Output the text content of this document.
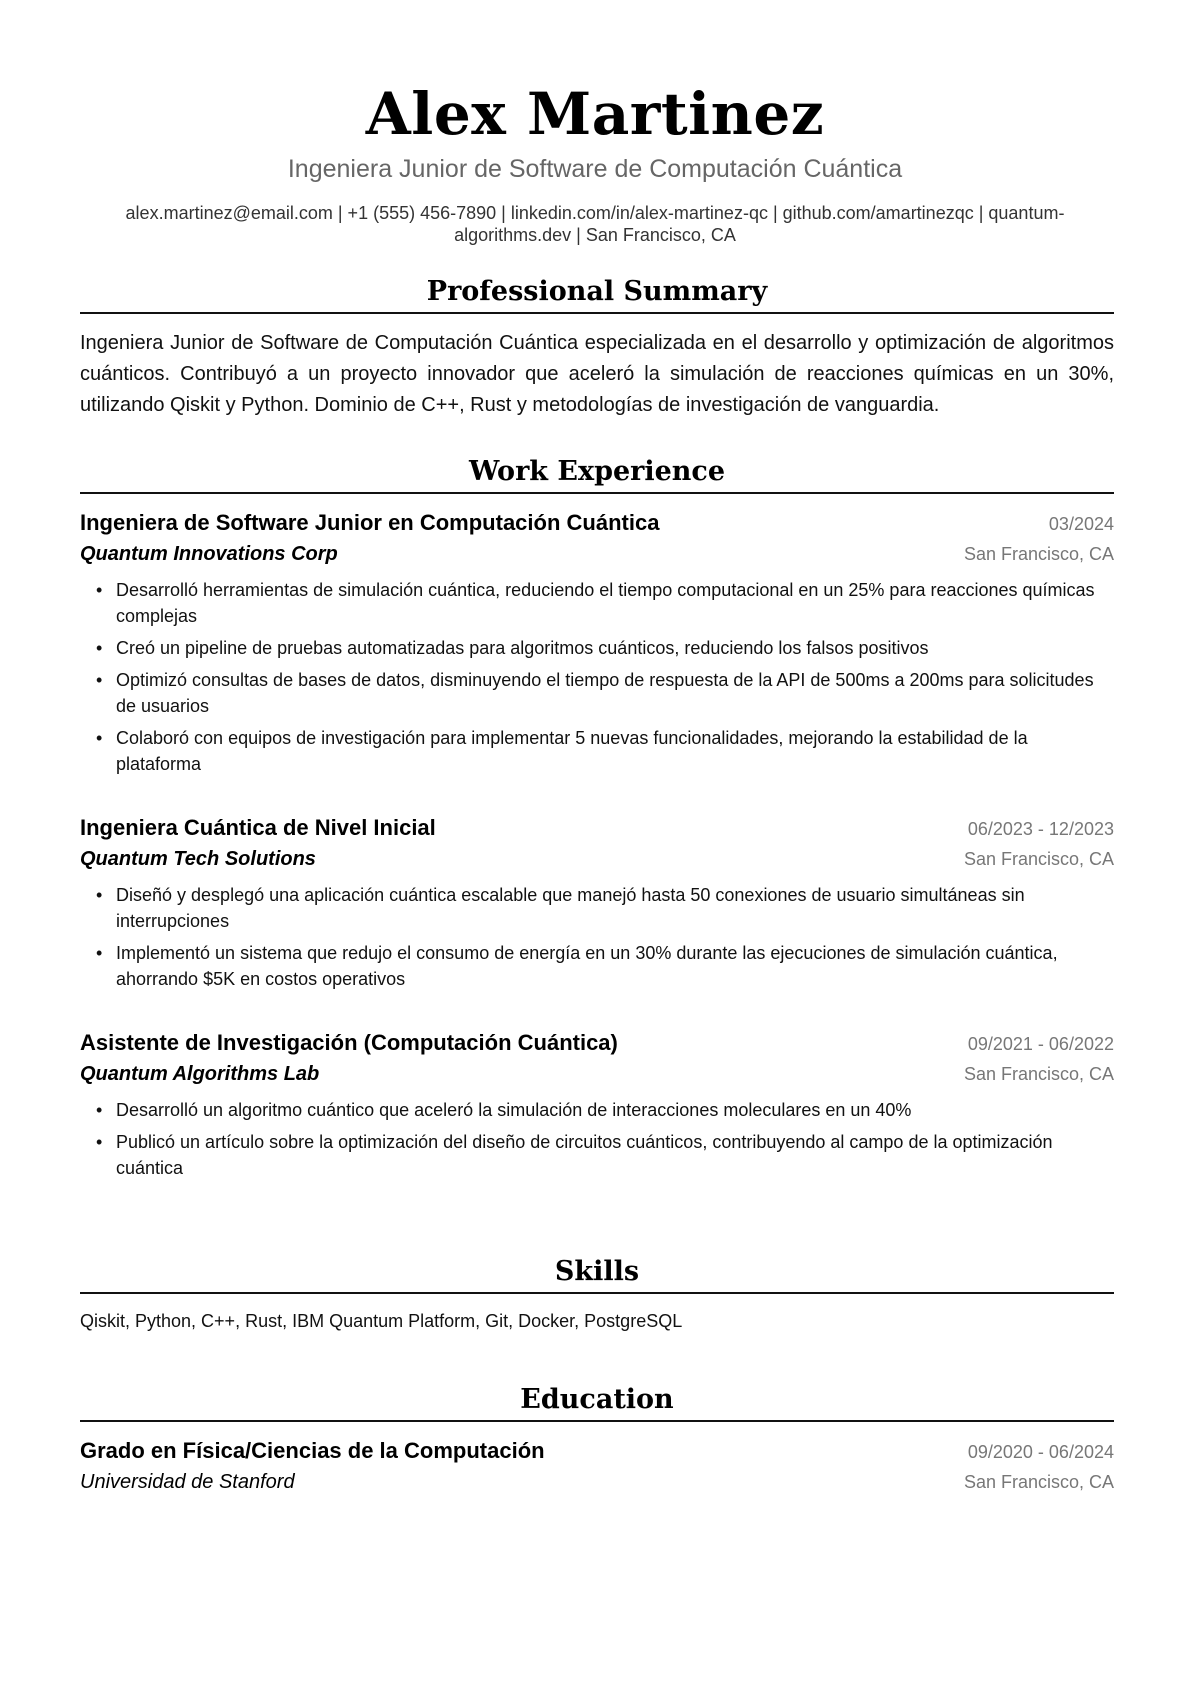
Alex Martinez
Ingeniera Junior de Software de Computación Cuántica
alex.martinez@email.com | +1 (555) 456-7890 | linkedin.com/in/alex-martinez-qc | github.com/amartinezqc | quantum-algorithms.dev | San Francisco, CA
Professional Summary
Ingeniera Junior de Software de Computación Cuántica especializada en el desarrollo y optimización de algoritmos cuánticos. Contribuyó a un proyecto innovador que aceleró la simulación de reacciones químicas en un 30%, utilizando Qiskit y Python. Dominio de C++, Rust y metodologías de investigación de vanguardia.
Work Experience
Ingeniera de Software Junior en Computación Cuántica	03/2024
Quantum Innovations Corp	San Francisco, CA
• Desarrolló herramientas de simulación cuántica, reduciendo el tiempo computacional en un 25% para reacciones químicas complejas
• Creó un pipeline de pruebas automatizadas para algoritmos cuánticos, reduciendo los falsos positivos
• Optimizó consultas de bases de datos, disminuyendo el tiempo de respuesta de la API de 500ms a 200ms para solicitudes de usuarios
• Colaboró con equipos de investigación para implementar 5 nuevas funcionalidades, mejorando la estabilidad de la plataforma
Ingeniera Cuántica de Nivel Inicial	06/2023 - 12/2023
Quantum Tech Solutions	San Francisco, CA
• Diseñó y desplegó una aplicación cuántica escalable que manejó hasta 50 conexiones de usuario simultáneas sin interrupciones
• Implementó un sistema que redujo el consumo de energía en un 30% durante las ejecuciones de simulación cuántica, ahorrando $5K en costos operativos
Asistente de Investigación (Computación Cuántica)	09/2021 - 06/2022
Quantum Algorithms Lab	San Francisco, CA
• Desarrolló un algoritmo cuántico que aceleró la simulación de interacciones moleculares en un 40%
• Publicó un artículo sobre la optimización del diseño de circuitos cuánticos, contribuyendo al campo de la optimización cuántica
Skills
Qiskit, Python, C++, Rust, IBM Quantum Platform, Git, Docker, PostgreSQL
Education
Grado en Física/Ciencias de la Computación	09/2020 - 06/2024
Universidad de Stanford	San Francisco, CA
